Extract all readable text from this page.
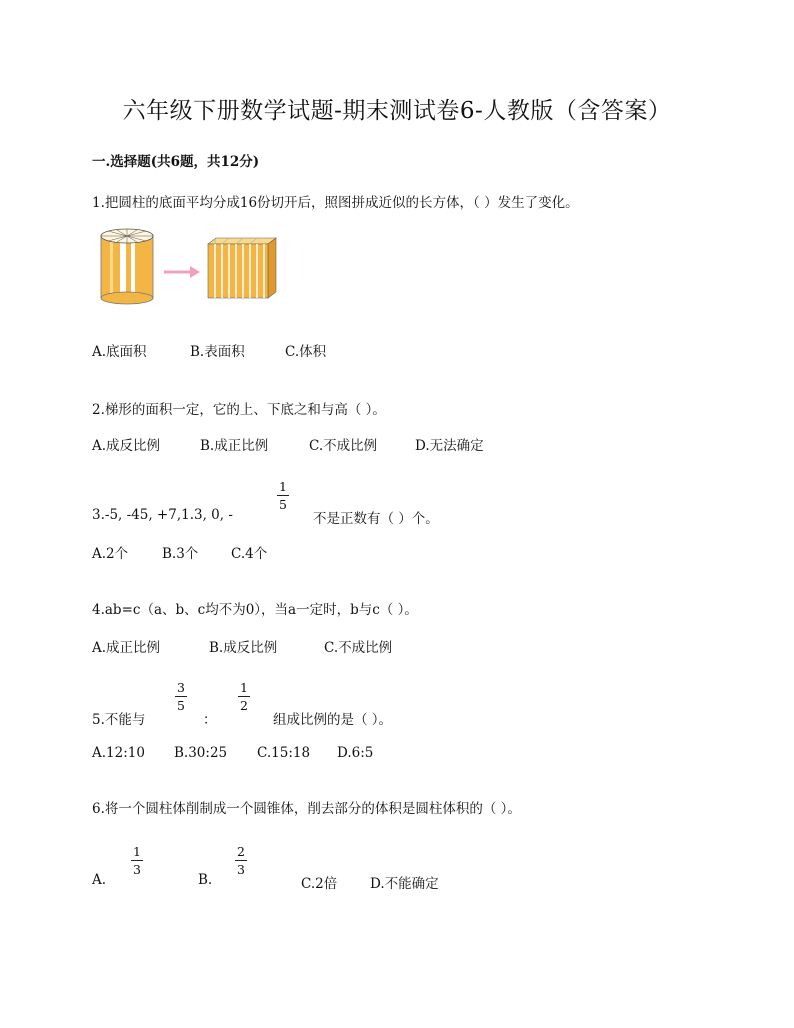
六年级下册数学试题-期末测试卷6-人教版（含答案）
一.选择题(共6题，共12分)
1.把圆柱的底面平均分成16份切开后，照图拼成近似的长方体，（ ）发生了变化。
A.底面积	B.表面积	C.体积
2.梯形的面积一定，它的上、下底之和与高（ ）。
A.成反比例	B.成正比例	C.不成比例	D.无法确定
3.-5, -45, +7,1.3, 0, -
1
5
不是正数有（ ）个。
A.2个	B.3个 C.4个
4.ab=c（a、b、c均不为0），当a一定时，b与c（ ）。
A.成正比例	B.成反比例	C.不成比例
5.不能与
3
5
：
1
2
组成比例的是（ ）。
A.12:10 B.30:25 C.15:18 D.6:5
6.将一个圆柱体削制成一个圆锥体，削去部分的体积是圆柱体积的（ ）。
A.
1
3
B.
2
3
C.2倍 D.不能确定
